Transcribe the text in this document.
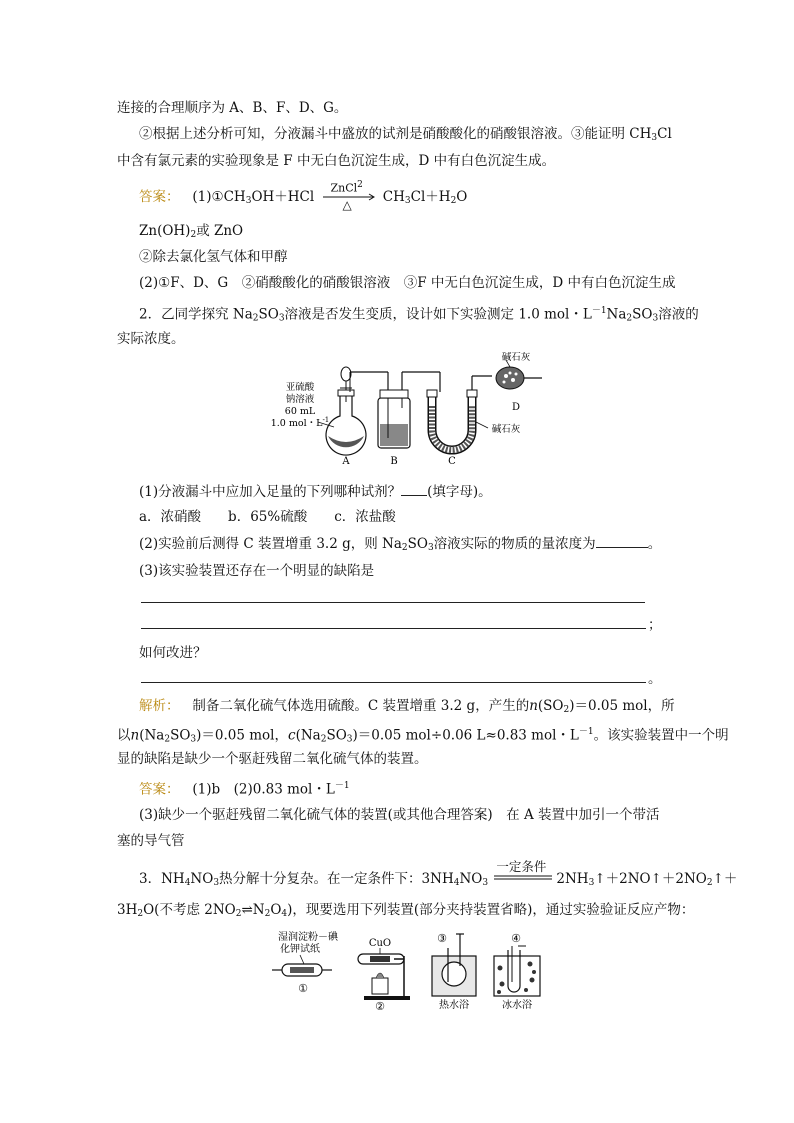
连接的合理顺序为 A、B、F、D、G。
②根据上述分析可知，分液漏斗中盛放的试剂是硝酸酸化的硝酸银溶液。③能证明 $CH_3Cl$
中含有氯元素的实验现象是 F 中无白色沉淀生成，D 中有白色沉淀生成。
答案： $(1)①CH_3OH+HCl$
ZnCl$^2$
△ $CH_3Cl+H_2O$
$Zn(OH)_2$或 ZnO
②除去氯化氢气体和甲醇
(2)①F、D、G　②硝酸酸化的硝酸银溶液　③F 中无白色沉淀生成，D 中有白色沉淀生成
2．乙同学探究 $Na_2SO_3$溶液是否发生变质，设计如下实验测定 1.0 mol・$L^{-1}Na_2SO_3$溶液的
实际浓度。
亚硫酸
钠溶液
60 mL
1.0 mol・$L^{-1}$
A	B	C
碱石灰
D
碱石灰
(1)分液漏斗中应加入足量的下列哪种试剂？ (填字母)。
a．浓硝酸　　b．65%硫酸　　c．浓盐酸
(2)实验前后测得 C 装置增重 3.2 g，则 $Na_2SO_3$溶液实际的物质的量浓度为	。
(3)该实验装置还存在一个明显的缺陷是
；
如何改进？
。
解析： 制备二氧化硫气体选用硫酸。C 装置增重 3.2 g，产生的$n(SO_2)=0.05$ mol，所
以$n(Na_2SO_3)=0.05$ mol，$c(Na_2SO_3)=0.05$ mol÷0.06 L≈0.83 mol・$L^{-1}$。该实验装置中一个明
显的缺陷是缺少一个驱赶残留二氧化硫气体的装置。
答案： (1)b　(2)0.83 mol・$L^{-1}$
(3)缺少一个驱赶残留二氧化硫气体的装置(或其他合理答案)　在 A 装置中加引一个带活
塞的导气管
3．$NH_4NO_3$热分解十分复杂。在一定条件下：$3NH_4NO_3$
一定条件
$2NH_3↑+2NO↑+2NO_2↑+$
$3H_2O$(不考虑 $2NO_2\rightleftharpoons N_2O_4$)，现要选用下列装置(部分夹持装置省略)，通过实验验证反应产物：
湿润淀粉－碘
化钾试纸
①
CuO
②
③
热水浴
④
冰水浴
